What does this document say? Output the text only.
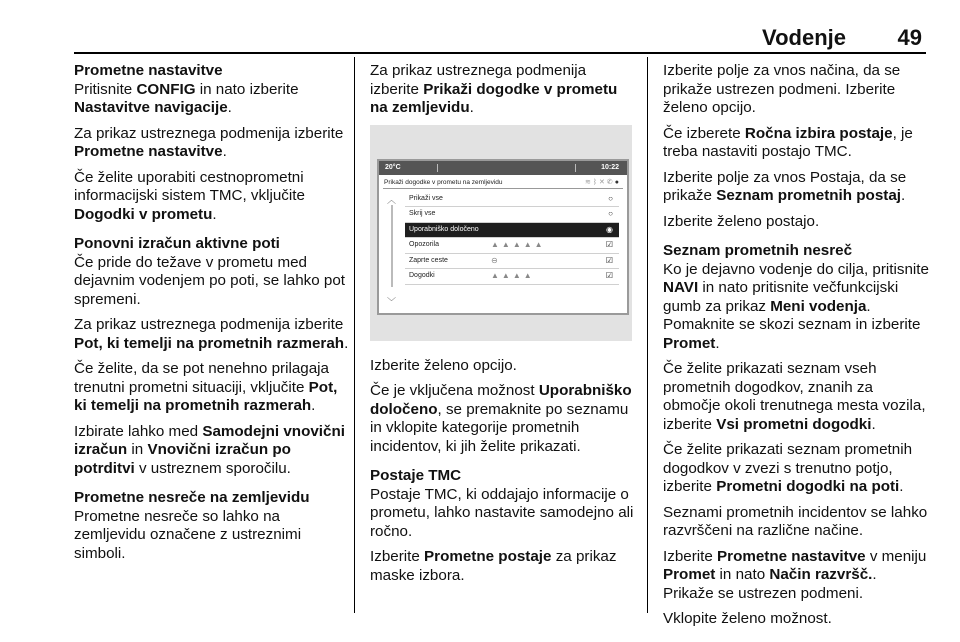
Vodenje 49
Prometne nastavitve

Pritisnite CONFIG in nato izberite Nastavitve navigacije.

Za prikaz ustreznega podmenija izberite Prometne nastavitve.

Če želite uporabiti cestnoprometni informacijski sistem TMC, vključite Dogodki v prometu.

Ponovni izračun aktivne poti

Če pride do težave v prometu med dejavnim vodenjem po poti, se lahko pot spremeni.

Za prikaz ustreznega podmenija izberite Pot, ki temelji na prometnih razmerah.

Če želite, da se pot nenehno prilagaja trenutni prometni situaciji, vključite Pot, ki temelji na prometnih razmerah.

Izbirate lahko med Samodejni vnovični izračun in Vnovični izračun po potrditvi v ustreznem sporočilu.

Prometne nesreče na zemljevidu

Prometne nesreče so lahko na zemljevidu označene z ustreznimi simboli.

Za prikaz ustreznega podmenija izberite Prikaži dogodke v prometu na zemljevidu.

20°C	10:22
Prikaži dogodke v prometu na zemljevidu	≋ᛒ✕✆●
︿
﹀
Prikaži vse	○
Skrij vse	○
Uporabniško določeno	◉
Opozorila	▲▲▲▲▲	☑
Zaprte ceste	⊖	☑
Dogodki	▲▲▲▲	☑

Izberite želeno opcijo.

Če je vključena možnost Uporabniško določeno, se premaknite po seznamu in vklopite kategorije prometnih incidentov, ki jih želite prikazati.

Postaje TMC

Postaje TMC, ki oddajajo informacije o prometu, lahko nastavite samodejno ali ročno.

Izberite Prometne postaje za prikaz maske izbora.

Izberite polje za vnos načina, da se prikaže ustrezen podmeni. Izberite želeno opcijo.

Če izberete Ročna izbira postaje, je treba nastaviti postajo TMC.

Izberite polje za vnos Postaja, da se prikaže Seznam prometnih postaj.

Izberite želeno postajo.

Seznam prometnih nesreč

Ko je dejavno vodenje do cilja, pritisnite NAVI in nato pritisnite večfunkcijski gumb za prikaz Meni vodenja. Pomaknite se skozi seznam in izberite Promet.

Če želite prikazati seznam vseh prometnih dogodkov, znanih za območje okoli trenutnega mesta vozila, izberite Vsi prometni dogodki.

Če želite prikazati seznam prometnih dogodkov v zvezi s trenutno potjo, izberite Prometni dogodki na poti.

Seznami prometnih incidentov se lahko razvrščeni na različne načine.

Izberite Prometne nastavitve v meniju Promet in nato Način razvršč..

Prikaže se ustrezen podmeni.

Vklopite želeno možnost.
